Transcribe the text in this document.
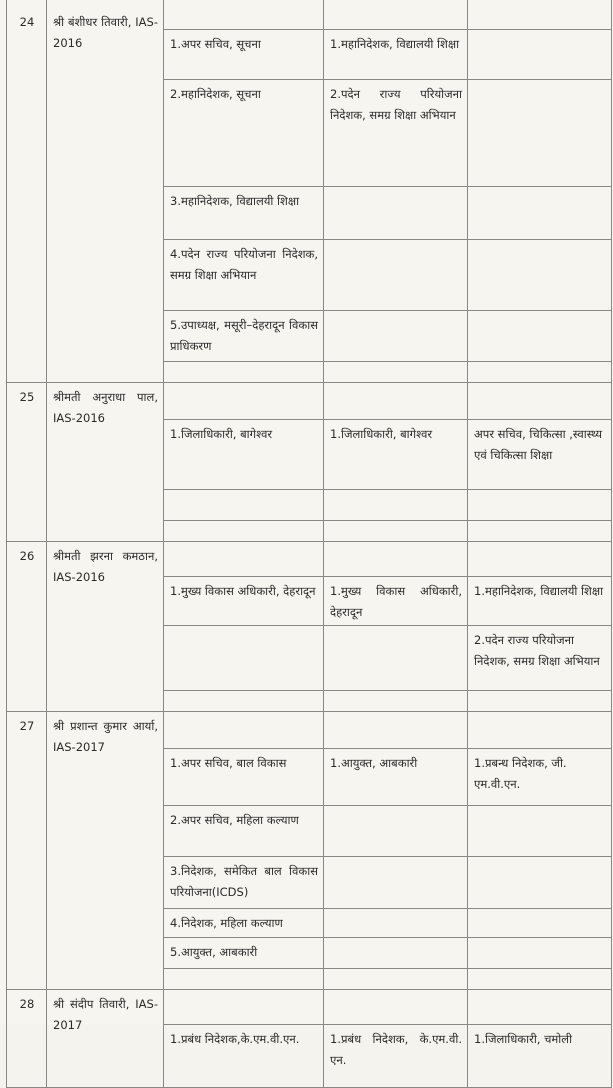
24	श्री बंशीधर तिवारी, IAS-2016			
		1.अपर सचिव, सूचना	1.महानिदेशक, विद्यालयी शिक्षा	
		2.महानिदेशक, सूचना	2.पदेन राज्य परियोजना निदेशक, समग्र शिक्षा अभियान	
		3.महानिदेशक, विद्यालयी शिक्षा		
		4.पदेन राज्य परियोजना निदेशक, समग्र शिक्षा अभियान		
		5.उपाध्यक्ष, मसूरी–देहरादून विकास प्राधिकरण		

25	श्रीमती अनुराधा पाल, IAS-2016			
		1.जिलाधिकारी, बागेश्वर	1.जिलाधिकारी, बागेश्वर	अपर सचिव, चिकित्सा ,स्वास्थ्य एवं चिकित्सा शिक्षा

26	श्रीमती झरना कमठान, IAS-2016			
		1.मुख्य विकास अधिकारी, देहरादून	1.मुख्य विकास अधिकारी, देहरादून	1.महानिदेशक, विद्यालयी शिक्षा
				2.पदेन राज्य परियोजना निदेशक, समग्र शिक्षा अभियान

27	श्री प्रशान्त कुमार आर्या, IAS-2017			
		1.अपर सचिव, बाल विकास	1.आयुक्त, आबकारी	1.प्रबन्ध निदेशक, जी. एम.वी.एन.
		2.अपर सचिव, महिला कल्याण		
		3.निदेशक, समेकित बाल विकास परियोजना(ICDS)		
		4.निदेशक, महिला कल्याण		
		5.आयुक्त, आबकारी		

28	श्री संदीप तिवारी, IAS-2017			
		1.प्रबंध निदेशक,के.एम.वी.एन.	1.प्रबंध निदेशक, के.एम.वी. एन.	1.जिलाधिकारी, चमोली
